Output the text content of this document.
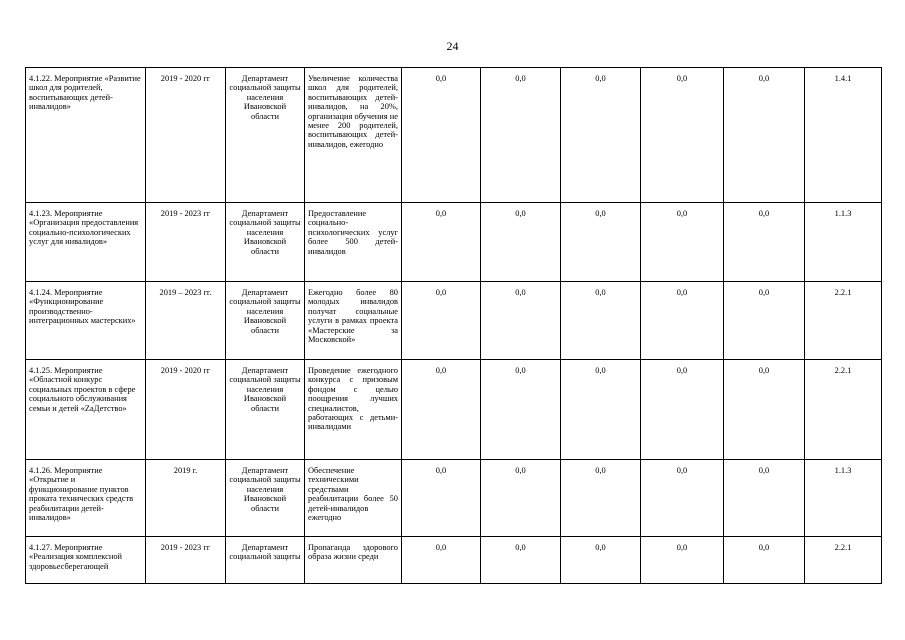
24
4.1.22. Мероприятие «Развитие школ для родителей, воспитывающих детей-инвалидов»	2019 - 2020 гг	Департамент социальной защиты населения Ивановской области	Увеличение количества школ для родителей, воспитывающих детей-инвалидов, на 20%, организация обучения не менее 200 родителей, воспитывающих детей-инвалидов, ежегодно	0,0	0,0	0,0	0,0	0,0	1.4.1
4.1.23. Мероприятие «Организация предоставления социально-психологических услуг для инвалидов»	2019 - 2023 гг	Департамент социальной защиты населения Ивановской области	Предоставление социально-психологических услуг более 500 детей-инвалидов	0,0	0,0	0,0	0,0	0,0	1.1.3
4.1.24. Мероприятие «Функционирование производственно-интеграционных мастерских»	2019 – 2023 гг.	Департамент социальной защиты населения Ивановской области	Ежегодно более 80 молодых инвалидов получат социальные услуги в рамках проекта «Мастерские за Московской»	0,0	0,0	0,0	0,0	0,0	2.2.1
4.1.25. Мероприятие «Областной конкурс социальных проектов в сфере социального обслуживания семьи и детей «ZaДетство»	2019 - 2020 гг	Департамент социальной защиты населения Ивановской области	Проведение ежегодного конкурса с призовым фондом с целью поощрения лучших специалистов, работающих с детьми-инвалидами	0,0	0,0	0,0	0,0	0,0	2.2.1
4.1.26. Мероприятие «Открытие и функционирование пунктов проката технических средств реабилитации детей-инвалидов»	2019 г.	Департамент социальной защиты населения Ивановской области	Обеспечение техническими средствами реабилитации более 50 детей-инвалидов ежегодно	0,0	0,0	0,0	0,0	0,0	1.1.3
4.1.27. Мероприятие «Реализация комплексной здоровьесберегающей	2019 - 2023 гг	Департамент социальной защиты	Пропаганда здорового образа жизни среди	0,0	0,0	0,0	0,0	0,0	2.2.1
